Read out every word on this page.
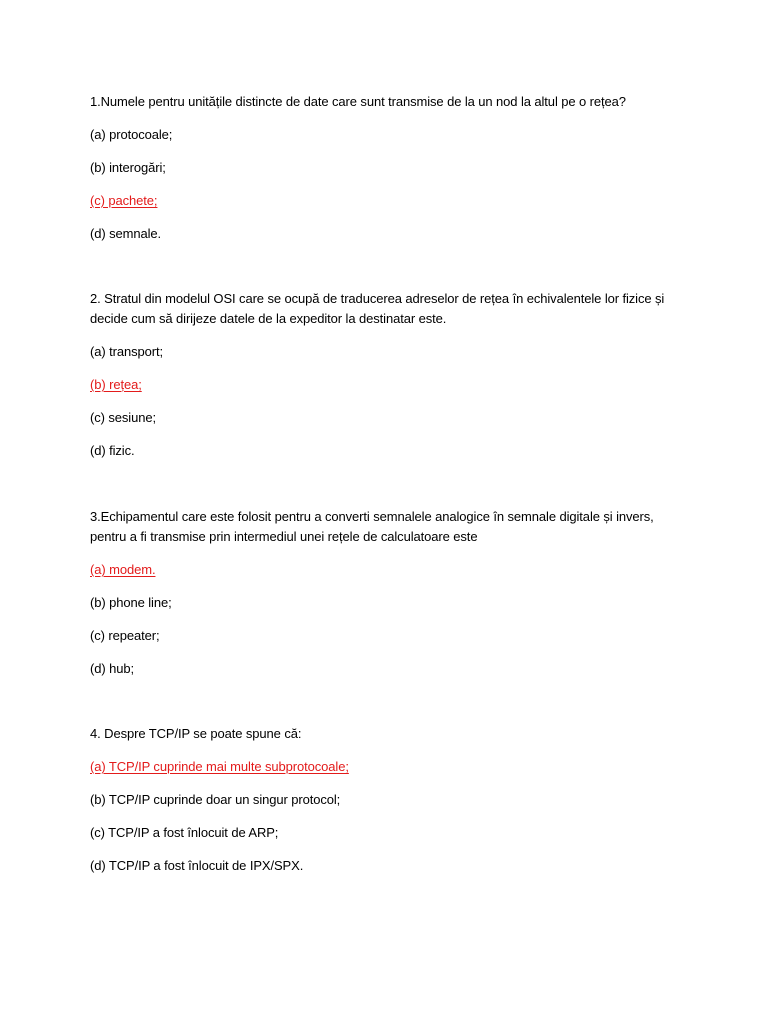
1.Numele pentru unitățile distincte de date care sunt transmise de la un nod la altul pe o rețea?
(a) protocoale;
(b) interogări;
(c) pachete;
(d) semnale.
2. Stratul din modelul OSI care se ocupă de traducerea adreselor de rețea în echivalentele lor fizice și
decide cum să dirijeze datele de la expeditor la destinatar este.
(a) transport;
(b) rețea;
(c) sesiune;
(d) fizic.
3.Echipamentul care este folosit pentru a converti semnalele analogice în semnale digitale și invers,
pentru a fi transmise prin intermediul unei rețele de calculatoare este
(a) modem.
(b) phone line;
(c) repeater;
(d) hub;
4. Despre TCP/IP se poate spune că:
(a) TCP/IP cuprinde mai multe subprotocoale;
(b) TCP/IP cuprinde doar un singur protocol;
(c) TCP/IP a fost înlocuit de ARP;
(d) TCP/IP a fost înlocuit de IPX/SPX.
